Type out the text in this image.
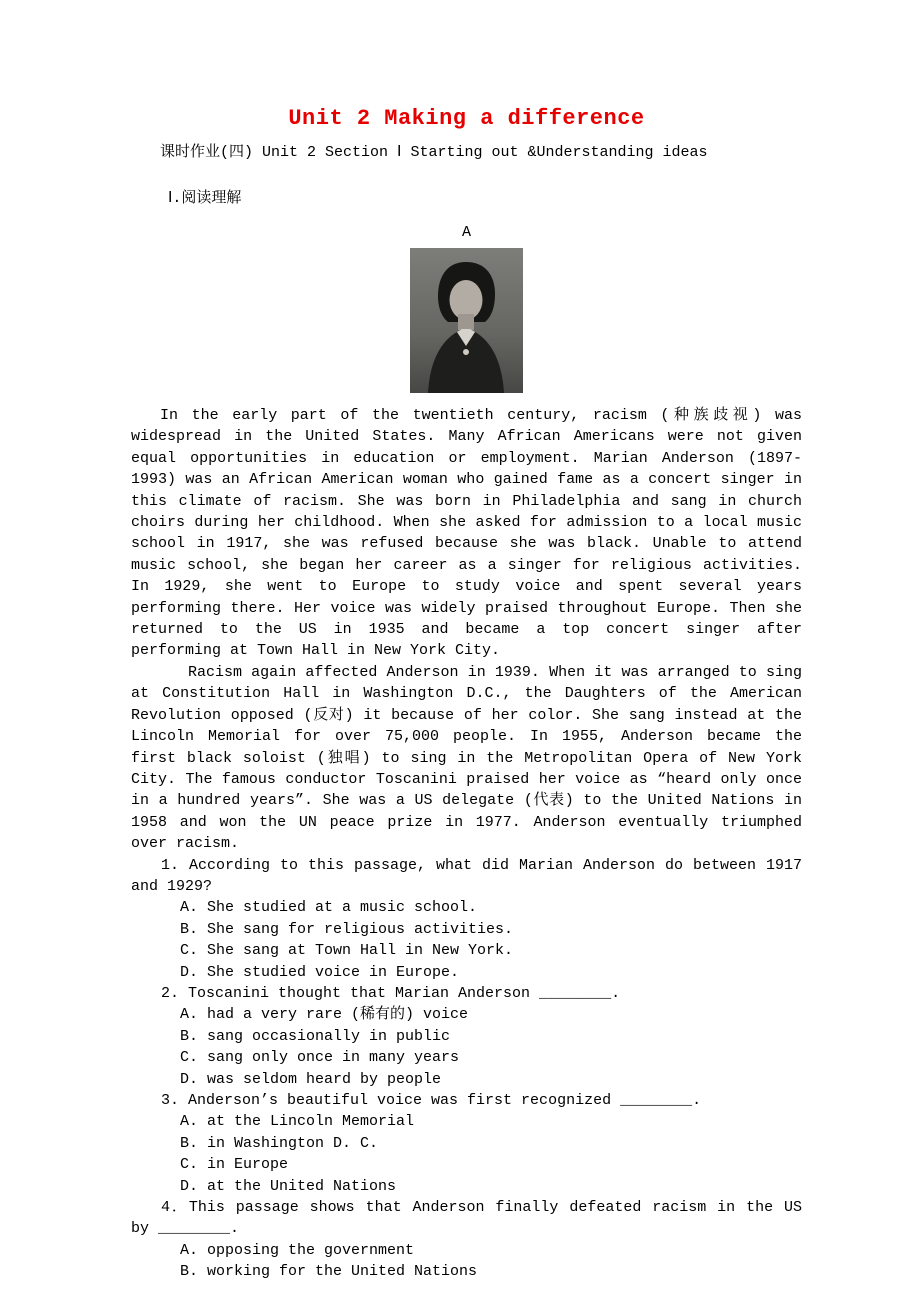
Unit 2 Making a difference
课时作业(四) Unit 2 Section Ⅰ Starting out &Understanding ideas
Ⅰ.阅读理解
A

In the early part of the twentieth century, racism (种族歧视) was widespread in the United States. Many African Americans were not given equal opportunities in education or employment. Marian Anderson (1897-1993) was an African American woman who gained fame as a concert singer in this climate of racism. She was born in Philadelphia and sang in church choirs during her childhood. When she asked for admission to a local music school in 1917, she was refused because she was black. Unable to attend music school, she began her career as a singer for religious activities. In 1929, she went to Europe to study voice and spent several years performing there. Her voice was widely praised throughout Europe. Then she returned to the US in 1935 and became a top concert singer after performing at Town Hall in New York City.

Racism again affected Anderson in 1939. When it was arranged to sing at Constitution Hall in Washington D.C., the Daughters of the American Revolution opposed (反对) it because of her color. She sang instead at the Lincoln Memorial for over 75,000 people. In 1955, Anderson became the first black soloist (独唱) to sing in the Metropolitan Opera of New York City. The famous conductor Toscanini praised her voice as “heard only once in a hundred years”. She was a US delegate (代表) to the United Nations in 1958 and won the UN peace prize in 1977. Anderson eventually triumphed over racism.

1. According to this passage, what did Marian Anderson do between 1917 and 1929?
A. She studied at a music school.
B. She sang for religious activities.
C. She sang at Town Hall in New York.
D. She studied voice in Europe.
2. Toscanini thought that Marian Anderson ________.
A. had a very rare (稀有的) voice
B. sang occasionally in public
C. sang only once in many years
D. was seldom heard by people
3. Anderson’s beautiful voice was first recognized ________.
A. at the Lincoln Memorial
B. in Washington D. C.
C. in Europe
D. at the United Nations
4．This passage shows that Anderson finally defeated racism in the US by ________.
A. opposing the government
B. working for the United Nations
